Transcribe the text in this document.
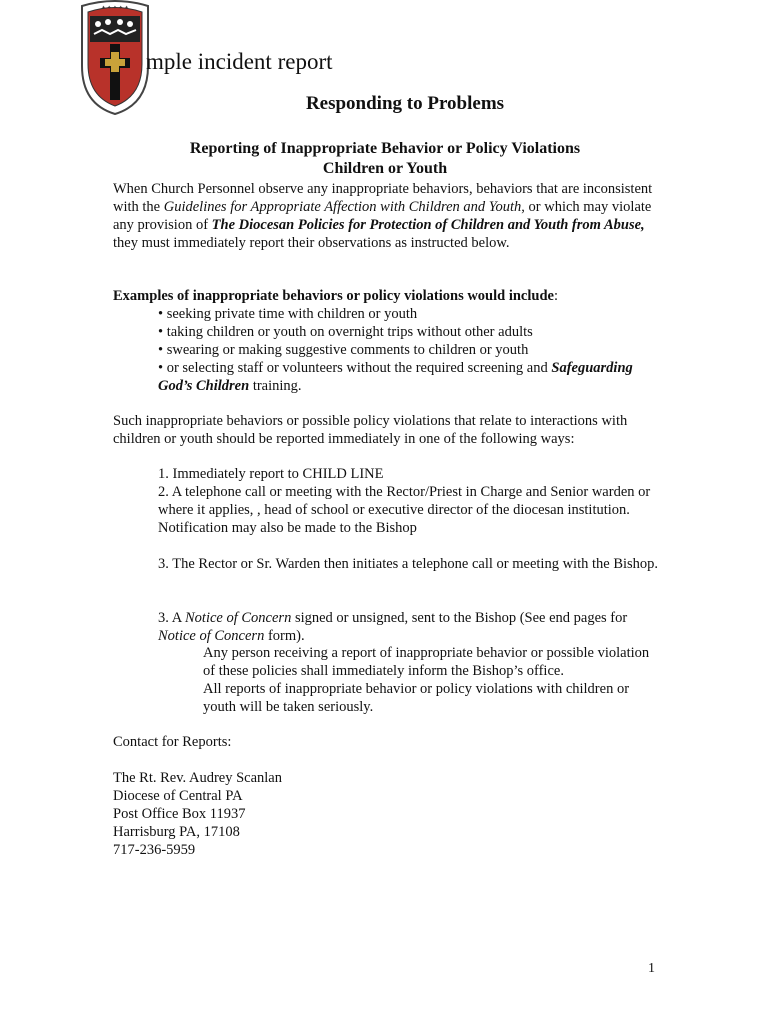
✦ ✦ ✦ ✦ ✦
mple incident report
Responding to Problems
Reporting of Inappropriate Behavior or Policy Violations
Children or Youth

When Church Personnel observe any inappropriate behaviors, behaviors that are inconsistent with the Guidelines for Appropriate Affection with Children and Youth, or which may violate any provision of The Diocesan Policies for Protection of Children and Youth from Abuse, they must immediately report their observations as instructed below.

Examples of inappropriate behaviors or policy violations would include:

• seeking private time with children or youth
• taking children or youth on overnight trips without other adults
• swearing or making suggestive comments to children or youth
• or selecting staff or volunteers without the required screening and Safeguarding God’s Children training.

Such inappropriate behaviors or possible policy violations that relate to interactions with children or youth should be reported immediately in one of the following ways:

1. Immediately report to CHILD LINE
2. A telephone call or meeting with the Rector/Priest in Charge and Senior warden or where it applies, , head of school or executive director of the diocesan institution. Notification may also be made to the Bishop
3. The Rector or Sr. Warden then initiates a telephone call or meeting with the Bishop.
3. A Notice of Concern signed or unsigned, sent to the Bishop (See end pages for Notice of Concern form).
Any person receiving a report of inappropriate behavior or possible violation of these policies shall immediately inform the Bishop’s office.
All reports of inappropriate behavior or policy violations with children or youth will be taken seriously.
Contact for Reports:
The Rt. Rev. Audrey Scanlan
Diocese of Central PA
Post Office Box 11937
Harrisburg PA, 17108
717-236-5959
1
